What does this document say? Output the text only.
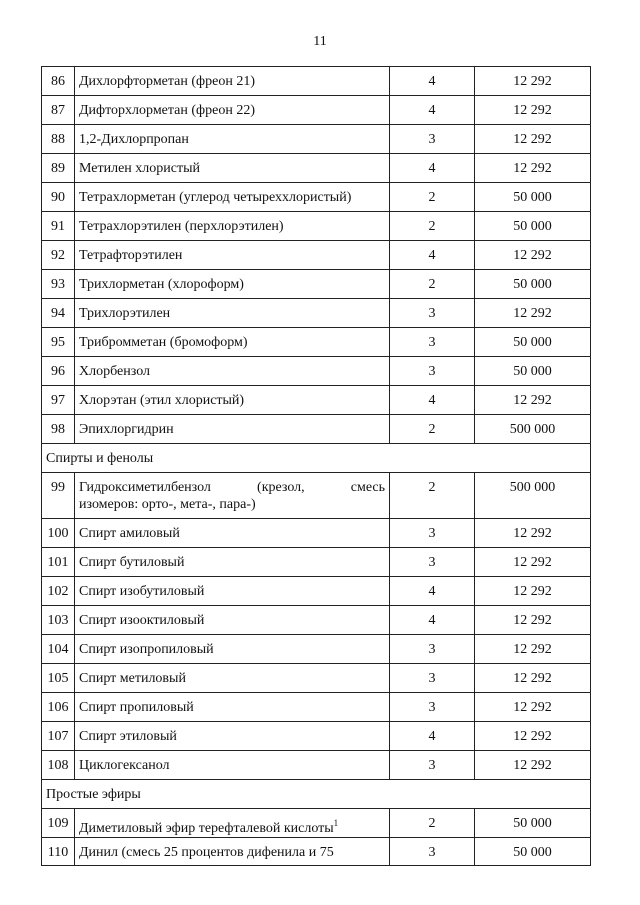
11
86	Дихлорфторметан (фреон 21)	4	12 292
87	Дифторхлорметан (фреон 22)	4	12 292
88	1,2-Дихлорпропан	3	12 292
89	Метилен хлористый	4	12 292
90	Тетрахлорметан (углерод четыреххлористый)	2	50 000
91	Тетрахлорэтилен (перхлорэтилен)	2	50 000
92	Тетрафторэтилен	4	12 292
93	Трихлорметан (хлороформ)	2	50 000
94	Трихлорэтилен	3	12 292
95	Трибромметан (бромоформ)	3	50 000
96	Хлорбензол	3	50 000
97	Хлорэтан (этил хлористый)	4	12 292
98	Эпихлоргидрин	2	500 000
Спирты и фенолы			
99	Гидроксиметилбензол (крезол, смесь
изомеров: орто-, мета-, пара-)	2	500 000
100	Спирт амиловый	3	12 292
101	Спирт бутиловый	3	12 292
102	Спирт изобутиловый	4	12 292
103	Спирт изооктиловый	4	12 292
104	Спирт изопропиловый	3	12 292
105	Спирт метиловый	3	12 292
106	Спирт пропиловый	3	12 292
107	Спирт этиловый	4	12 292
108	Циклогексанол	3	12 292
Простые эфиры			
109	Диметиловый эфир терефталевой кислоты$^1$	2	50 000
110	Динил (смесь 25 процентов дифенила и 75	3	50 000
